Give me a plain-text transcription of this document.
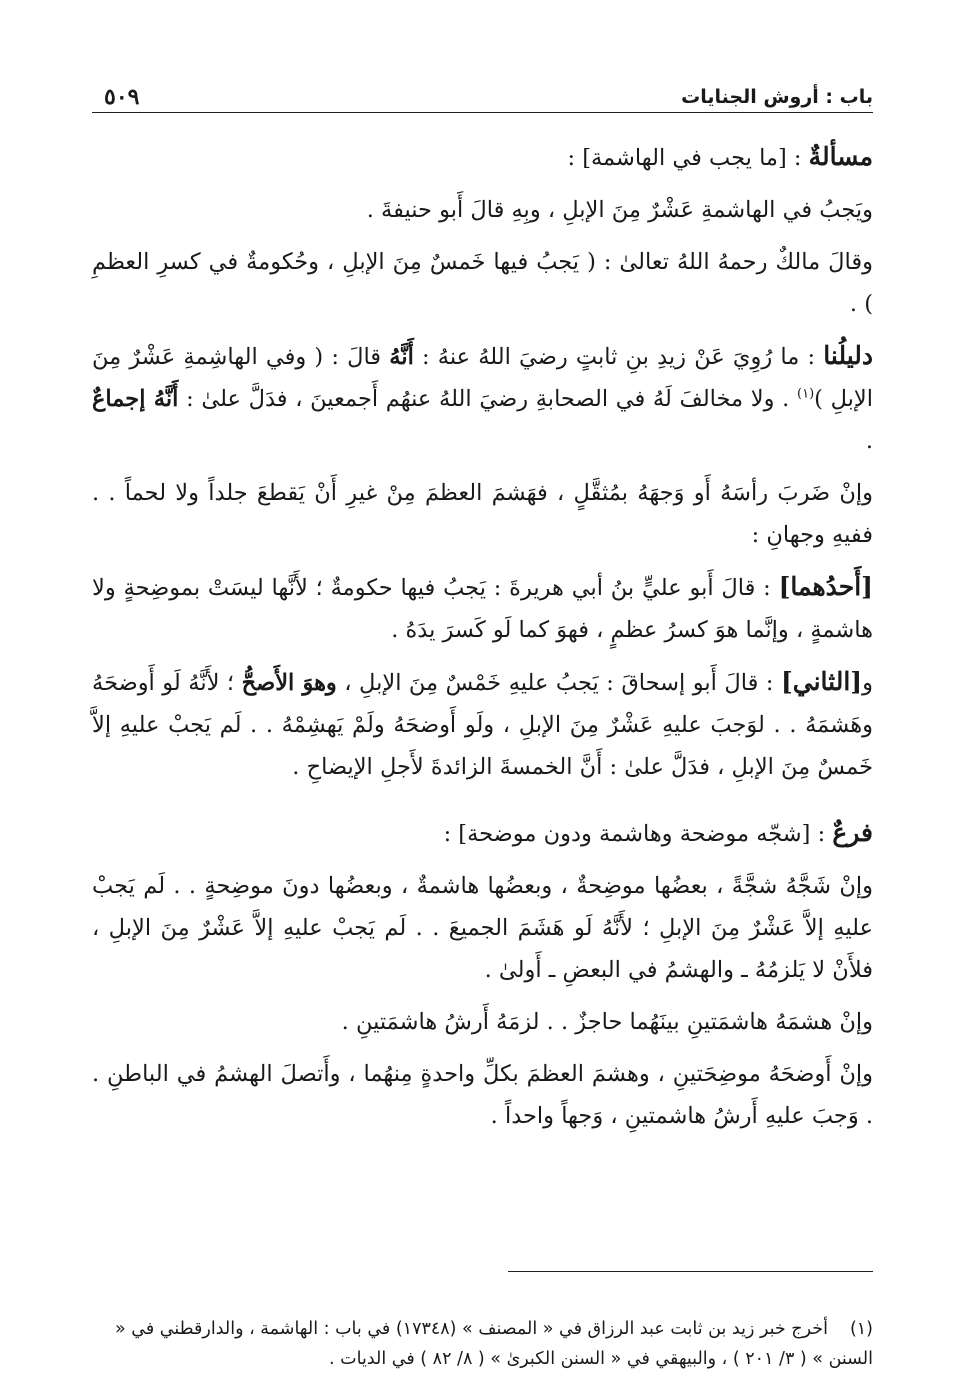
باب : أروش الجنايات
٥٠٩

مسألةٌ : [ما يجب في الهاشمة] :

ويَجبُ في الهاشمةِ عَشْرٌ مِنَ الإبلِ ، وبِهِ قالَ أَبو حنيفةَ .

وقالَ مالكٌ رحمهُ اللهُ تعالىٰ : ( يَجبُ فيها خَمسٌ مِنَ الإبلِ ، وحُكومةٌ في كسرِ العظمِ ) .

دليلُنا : ما رُوِيَ عَنْ زيدِ بنِ ثابتٍ رضيَ اللهُ عنهُ : أَنَّهُ قالَ : ( وفي الهاشِمةِ عَشْرٌ مِنَ الإبلِ )$^{(١)}$ . ولا مخالفَ لَهُ في الصحابةِ رضيَ اللهُ عنهُم أَجمعينَ ، فدَلَّ علىٰ : أَنَّهُ إجماعٌ .

وإنْ ضَربَ رأسَهُ أَو وَجهَهُ بمُثقَّلٍ ، فهَشمَ العظمَ مِنْ غيرِ أَنْ يَقطعَ جلداً ولا لحماً . . ففيهِ وجهانِ :

[أَحدُهما] : قالَ أَبو عليٍّ بنُ أبي هريرةَ : يَجبُ فيها حكومةٌ ؛ لأَنَّها ليسَتْ بموضِحةٍ ولا هاشمةٍ ، وإنَّما هوَ كسرُ عظمٍ ، فهوَ كما لَو كَسرَ يدَهُ .

و[الثاني] : قالَ أَبو إسحاقَ : يَجبُ عليهِ خَمْسٌ مِنَ الإبلِ ، وهوَ الأَصحُّ ؛ لأَنَّهُ لَو أَوضحَهُ وهَشمَهُ . . لوَجبَ عليهِ عَشْرٌ مِنَ الإبلِ ، ولَو أَوضحَهُ ولَمْ يَهشِمْهُ . . لَم يَجبْ عليهِ إلاَّ خَمسٌ مِنَ الإبلِ ، فدَلَّ علىٰ : أَنَّ الخمسةَ الزائدةَ لأَجلِ الإيضاحِ .

فرعٌ : [شجّه موضحة وهاشمة ودون موضحة] :

وإنْ شَجَّهُ شجَّةً ، بعضُها موضِحةٌ ، وبعضُها هاشمةٌ ، وبعضُها دونَ موضِحةٍ . . لَم يَجبْ عليهِ إلاَّ عَشْرٌ مِنَ الإبلِ ؛ لأَنَّهُ لَو هَشَمَ الجميعَ . . لَم يَجبْ عليهِ إلاَّ عَشْرٌ مِنَ الإبلِ ، فلأَنْ لا يَلزمُهُ ـ والهشمُ في البعضِ ـ أَولىٰ .

وإنْ هشمَهُ هاشمَتينِ بينَهُما حاجزٌ . . لزمَهُ أَرشُ هاشمَتينِ .

وإنْ أَوضحَهُ موضِحَتينِ ، وهشمَ العظمَ بكلِّ واحدةٍ مِنهُما ، وأَتصلَ الهشمُ في الباطنِ . . وَجبَ عليهِ أَرشُ هاشمتينِ ، وَجهاً واحداً .

(١)أخرج خبر زيد بن ثابت عبد الرزاق في « المصنف » (١٧٣٤٨) في باب : الهاشمة ، والدارقطني في « السنن » ( ٣/ ٢٠١ ) ، والبيهقي في « السنن الكبرىٰ » ( ٨/ ٨٢ ) في الديات .
